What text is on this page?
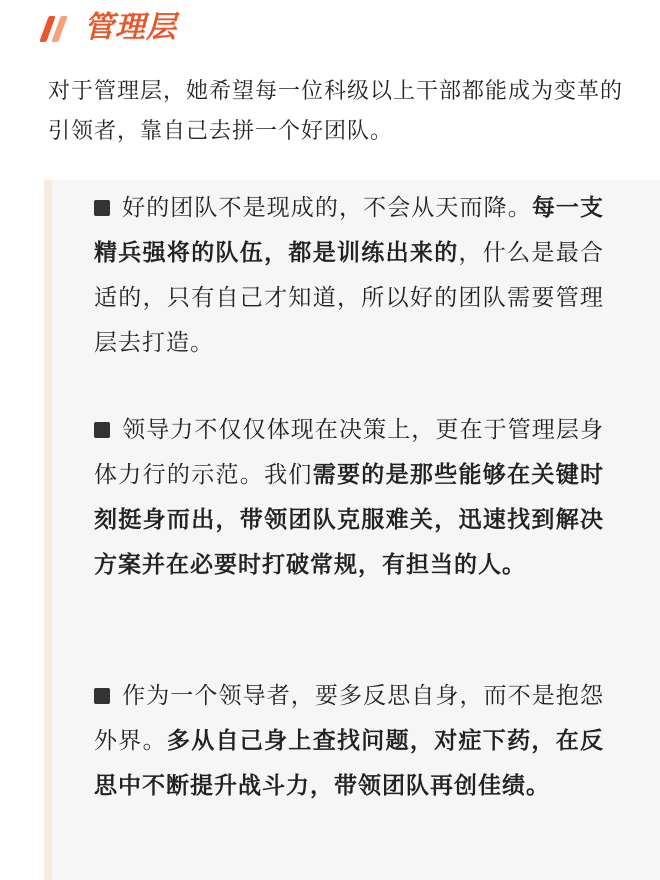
管理层
对于管理层，她希望每一位科级以上干部都能成为变革的引领者，靠自己去拼一个好团队。
好的团队不是现成的，不会从天而降。每一支精兵强将的队伍，都是训练出来的，什么是最合适的，只有自己才知道，所以好的团队需要管理层去打造。
领导力不仅仅体现在决策上，更在于管理层身体力行的示范。我们需要的是那些能够在关键时刻挺身而出，带领团队克服难关，迅速找到解决方案并在必要时打破常规，有担当的人。
作为一个领导者，要多反思自身，而不是抱怨外界。多从自己身上查找问题，对症下药，在反思中不断提升战斗力，带领团队再创佳绩。
